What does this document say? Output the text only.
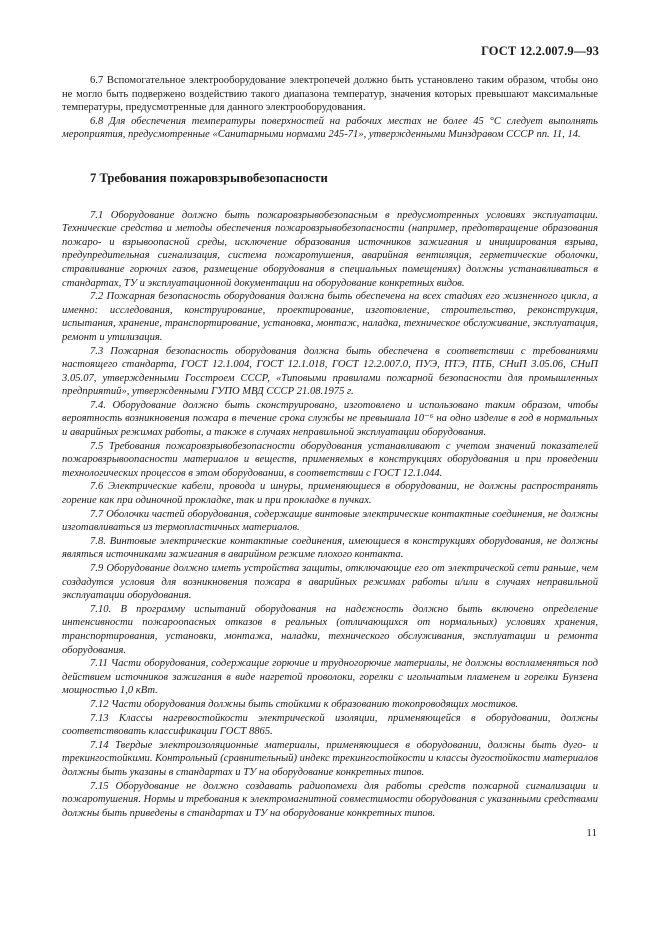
ГОСТ 12.2.007.9—93

6.7 Вспомогательное электрооборудование электропечей должно быть установлено таким образом, чтобы оно не могло быть подвержено воздействию такого диапазона температур, значения которых превышают максимальные температуры, предусмотренные для данного электрооборудования.

6.8 Для обеспечения температуры поверхностей на рабочих местах не более 45 °С следует выполнять мероприятия, предусмотренные «Санитарными нормами 245-71», утвержденными Минздравом СССР пп. 11, 14.

7 Требования пожаровзрывобезопасности

7.1 Оборудование должно быть пожаровзрывобезопасным в предусмотренных условиях эксплуатации. Технические средства и методы обеспечения пожаровзрывобезопасности (например, предотвращение образования пожаро- и взрывоопасной среды, исключение образования источников зажигания и инициирования взрыва, предупредительная сигнализация, система пожаротушения, аварийная вентиляция, герметические оболочки, стравливание горючих газов, размещение оборудования в специальных помещениях) должны устанавливаться в стандартах, ТУ и эксплуатационной документации на оборудование конкретных видов.

7.2 Пожарная безопасность оборудования должна быть обеспечена на всех стадиях его жизненного цикла, а именно: исследования, конструирование, проектирование, изготовление, строительство, реконструкция, испытания, хранение, транспортирование, установка, монтаж, наладка, техническое обслуживание, эксплуатация, ремонт и утилизация.

7.3 Пожарная безопасность оборудования должна быть обеспечена в соответствии с требованиями настоящего стандарта, ГОСТ 12.1.004, ГОСТ 12.1.018, ГОСТ 12.2.007.0, ПУЭ, ПТЭ, ПТБ, СНиП 3.05.06, СНиП 3.05.07, утвержденными Госстроем СССР, «Типовыми правилами пожарной безопасности для промышленных предприятий», утвержденными ГУПО МВД СССР 21.08.1975 г.

7.4. Оборудование должно быть сконструировано, изготовлено и использовано таким образом, чтобы вероятность возникновения пожара в течение срока службы не превышала 10⁻⁶ на одно изделие в год в нормальных и аварийных режимах работы, а также в случаях неправильной эксплуатации оборудования.

7.5 Требования пожаровзрывобезопасности оборудования устанавливают с учетом значений показателей пожаровзрывоопасности материалов и веществ, применяемых в конструкциях оборудования и при проведении технологических процессов в этом оборудовании, в соответствии с ГОСТ 12.1.044.

7.6 Электрические кабели, провода и шнуры, применяющиеся в оборудовании, не должны распространять горение как при одиночной прокладке, так и при прокладке в пучках.

7.7 Оболочки частей оборудования, содержащие винтовые электрические контактные соединения, не должны изготавливаться из термопластичных материалов.

7.8. Винтовые электрические контактные соединения, имеющиеся в конструкциях оборудования, не должны являться источниками зажигания в аварийном режиме плохого контакта.

7.9 Оборудование должно иметь устройства защиты, отключающие его от электрической сети раньше, чем создадутся условия для возникновения пожара в аварийных режимах работы и/или в случаях неправильной эксплуатации оборудования.

7.10. В программу испытаний оборудования на надежность должно быть включено определение интенсивности пожароопасных отказов в реальных (отличающихся от нормальных) условиях хранения, транспортирования, установки, монтажа, наладки, технического обслуживания, эксплуатации и ремонта оборудования.

7.11 Части оборудования, содержащие горючие и трудногорючие материалы, не должны воспламеняться под действием источников зажигания в виде нагретой проволоки, горелки с игольчатым пламенем и горелки Бунзена мощностью 1,0 кВт.

7.12 Части оборудования должны быть стойкими к образованию токопроводящих мостиков.

7.13 Классы нагревостойкости электрической изоляции, применяющейся в оборудовании, должны соответствовать классификации ГОСТ 8865.

7.14 Твердые электроизоляционные материалы, применяющиеся в оборудовании, должны быть дуго- и трекингостойкими. Контрольный (сравнительный) индекс трекингостойкости и классы дугостойкости материалов должны быть указаны в стандартах и ТУ на оборудование конкретных типов.

7.15 Оборудование не должно создавать радиопомехи для работы средств пожарной сигнализации и пожаротушения. Нормы и требования к электромагнитной совместимости оборудования с указанными средствами должны быть приведены в стандартах и ТУ на оборудование конкретных типов.

11
